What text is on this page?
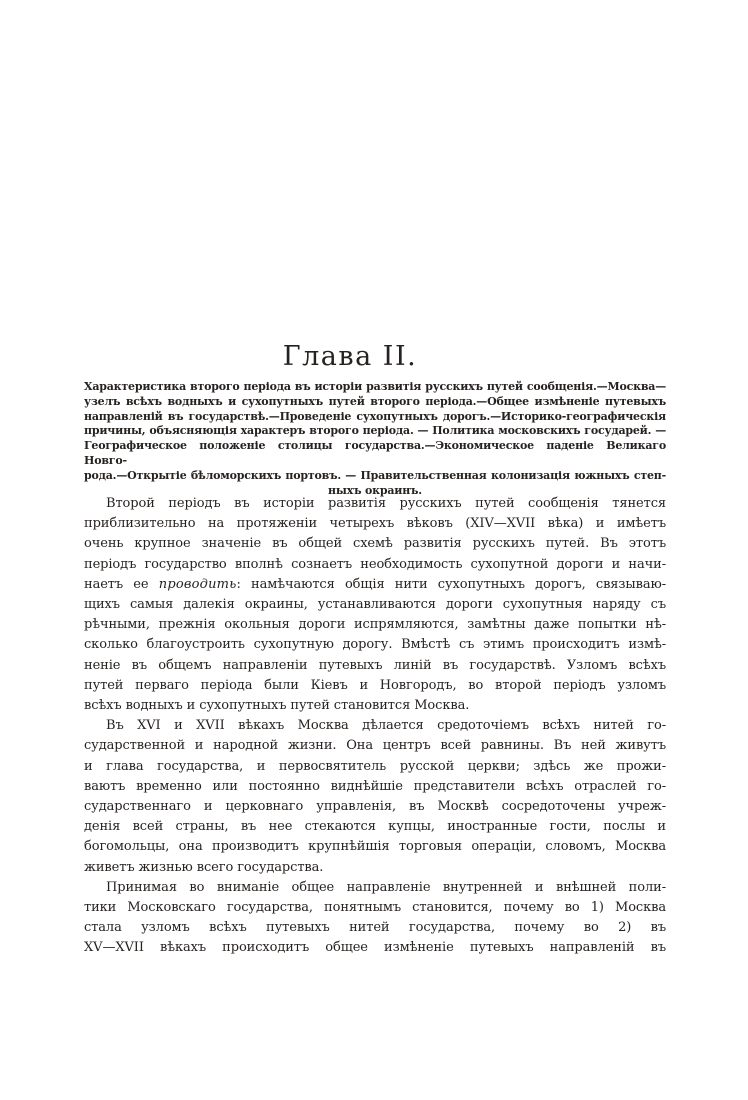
Глава II.
Характеристика второго періода въ исторіи развитія русскихъ путей сообщенія.—Москва—
узелъ всѣхъ водныхъ и сухопутныхъ путей второго періода.—Общее измѣненіе путевыхъ
направленій въ государствѣ.—Проведеніе сухопутныхъ дорогъ.—Историко-географическія
причины, объясняющія характеръ второго періода. — Политика московскихъ государей. —
Географическое положеніе столицы государства.—Экономическое паденіе Великаго Новго-
рода.—Открытіе бѣломорскихъ портовъ. — Правительственная колонизація южныхъ степ-
ныхъ окраинъ.
Второй періодъ въ исторіи развитія русскихъ путей сообщенія тянется
приблизительно на протяженіи четырехъ вѣковъ (XIV—XVII вѣка) и имѣетъ
очень крупное значеніе въ общей схемѣ развитія русскихъ путей. Въ этотъ
періодъ государство вполнѣ сознаетъ необходимость сухопутной дороги и начи-
наетъ ее проводить: намѣчаются общія нити сухопутныхъ дорогъ, связываю-
щихъ самыя далекія окраины, устанавливаются дороги сухопутныя наряду съ
рѣчными, прежнія окольныя дороги испрямляются, замѣтны даже попытки нѣ-
сколько благоустроить сухопутную дорогу. Вмѣстѣ съ этимъ происходитъ измѣ-
неніе въ общемъ направленіи путевыхъ линій въ государствѣ. Узломъ всѣхъ
путей перваго періода были Кіевъ и Новгородъ, во второй періодъ узломъ
всѣхъ водныхъ и сухопутныхъ путей становится Москва.
Въ XVI и XVII вѣкахъ Москва дѣлается средоточіемъ всѣхъ нитей го-
сударственной и народной жизни. Она центръ всей равнины. Въ ней живутъ
и глава государства, и первосвятитель русской церкви; здѣсь же прожи-
ваютъ временно или постоянно виднѣйшіе представители всѣхъ отраслей го-
сударственнаго и церковнаго управленія, въ Москвѣ сосредоточены учреж-
денія всей страны, въ нее стекаются купцы, иностранные гости, послы и
богомольцы, она производитъ крупнѣйшія торговыя операціи, словомъ, Москва
живетъ жизнью всего государства.
Принимая во вниманіе общее направленіе внутренней и внѣшней поли-
тики Московскаго государства, понятнымъ становится, почему во 1) Москва
стала узломъ всѣхъ путевыхъ нитей государства, почему во 2) въ
XV—XVII вѣкахъ происходитъ общее измѣненіе путевыхъ направленій въ
